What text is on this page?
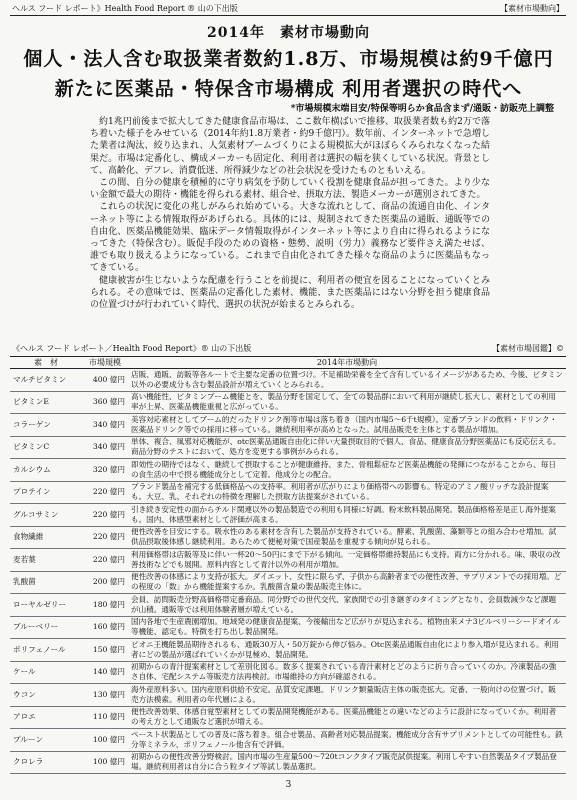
ヘルス フード レポート》Health Food Report ® 山の下出版	【素材市場動向】
2014年　素材市場動向
個人・法人含む取扱業者数約1.8万、市場規模は約9千億円
新たに医薬品・特保含市場構成 利用者選択の時代へ
*市場規模末端目安/特保等明らか食品含まず/通販・訪販売上調整

約1兆円前後まで拡大してきた健康食品市場は、ここ数年横ばいで推移、取扱業者数も約2万で落ち着いた様子をみせている（2014年約1.8万業者・約9千億円）。数年前、インターネットで急増した業者は淘汰、絞り込まれ、人気素材ブームづくりによる規模拡大がほぼらくみられなくなった結果だ。市場は定番化し、構成メーカーも固定化、利用者は選択の幅を狭くしている状況。背景として、高齢化、デフレ、消費低迷、所得減少などの社会状況を受けたものともいえる。

この間、自分の健康を積極的に守り病気を予防していく役割を健康食品が担ってきた。より少ない金額で最大の期待・機能を得られる素材、組合せ、摂取方法、製造メーカーが選別されてきた。

これらの状況に変化の兆しがみられ始めている。大きな流れとして、商品の流通自由化、インターネット等による情報取得があげられる。具体的には、規制されてきた医薬品の通販、通販等での自由化、医薬品機能効果、臨床データ情報取得がインターネット等により自由に得られるようになってきた（特保含む）。販促手段のための資格・態勢、説明（労力）義務など要件さえ満たせば、誰でも取り扱えるようになっている。これまで自由化されてきた様々な商品のように医薬品もなってきている。

健康被害が生じないような配慮を行うことを前提に、利用者の便宜を図ることになっていくとみられる。その意味では、医薬品の定番化した素材、機能、また医薬品にはない分野を担う健康食品の位置づけが行われていく時代、選択の状況が始まるとみられる。

《ヘルス フード レポート／Health Food Report》® 山の下出版	【素材市場図鑑】©
素　材	市場規模	2014年市場動向
マルチビタミン	400 億円	店販、通販、訪販等各ルートで主要な定番の位置づけ。不足補助栄養を全て含有しているイメージがあるため、今後、ビタミン以外の必要成分も含む製品設計が増えていくとみられる。
ビタミンE	360 億円	高い機能性、ビタミンブーム機能とを、製品分野を国定して、全ての製品群において利用が継続し拡大し、素材としての利用率が上昇、医薬品機能重視と広がっている。
コラーゲン	340 億円	美容対応素材としてブーム的だったドリンク剤等市場は落ち着き（国内市場5〜6千t規模）。定番ブランドの飲料・ドリンク・医薬品ドリンク等での採用に移っている。継続利用率が高めとなった。試用品販売を主体とする製品が増加。
ビタミンC	340 億円	単体、複合、風邪対応機能が、otc医薬品通販自由化に伴い大量摂取目的で個人、食品、健康食品分野医薬品にも反応伝える。商品分野のテストにおいて、処方を変更する事例がみられる。
カルシウム	320 億円	即効性の期待ではなく、継続して摂取することが健康維持、また、骨粗鬆症など医薬品機能の発揮につながることから、毎日の食生活の中で摂る機能成分として定着。他成分との配合。
プロテイン	220 億円	ブランド製品を補完する低価格品への支持率。利用者が広がりにより価格帯への影響も。特定のアミノ酸リッチな設計提案も。大豆、乳、それぞれの特徴を理解した摂取方法提案がされている。
グルコサミン	220 億円	引き続き安定性の面からチルド関連以外の製品製造での利用も同様に好調。粉末飲料製品開発。製品価格格差是正し海外提案も。国内、体感型素材として評価が高まる。
食物繊維	220 億円	便性改善を目安にする。吸水性のある素材を含有した製品が支持されている。酵素、乳酸菌、藻類等との組み合わせ増加。試供品摂取後体感し継続利用。あらためて便秘対策で国産製品を重視する傾向が見られる。
麦若葉	220 億円	利用価格帯は店販等及に伴い一杯20〜50円にまで下がる傾向。一定価格帯維持製品にも支持。両方に分かれる。味、吸収の改善技術などでも展開。原料内容として青汁以外の利用が増加。
乳酸菌	200 億円	便性改善の体感により支持が拡大。ダイエット、女性に限らず、子供から高齢者までの便性改善、サプリメントでの採用増。どの程度の「数」から機能提案するか。乳酸菌含量の製品販売主体に。
ローヤルゼリー	180 億円	会員、訪問販売分野高価格帯定番商品。同分野での世代交代、家族間での引き継ぎのタイミングとなり、会員数減少など課題が山積。通販等では利用体験者層が増えている。
ブルーベリー	160 億円	国内各地で生産農園増加。地域発の健康食品提案、今後輸出など広がりが見込まれる。植物由来メナ3ビルベリーシードオイル等機能、認定も。特徴を打ち出し製品開発。
ポリフェノール	150 億円	ピオニ王機能製品期待されるも、通販30万人・50万錠から伸び悩み。Otc医薬品通販自由化により参入増が見込まれる。利用者にどの製品が選ばれていくかが見極め、製品開発。
ケール	140 億円	初期からの青汁提案素材として差別化図る。数多く提案されている青汁素材とどのように折り合っていくのか。冷凍製品の強さ自体、宅配システム等販売方法再検討。市場維持の方向が確認される。
ウコン	130 億円	海外産原料多い。国内産原料供給不安定。品質安定課題。ドリンク類量販店主体の販売拡大。定番、一般向けの位置づけ。販売方法模索。利用者の年代層による。
アロエ	110 億円	便性改善効果、体感自覚型素材としての製品開発機能がある。医薬品機能との違いなどのように設計になっていくか。利用者の考え方として通販など選択が増える。
プルーン	100 億円	ペースト状製品としての普及に落ち着き。組合せ製品、高齢者対応製品提案。機能成分含有サプリメントとしての可能性も。鉄分等ミネラル、ポリフェノール他含有で評価。
クロレラ	100 億円	初期からの便性改善分野検討。国内市場の生産量500〜720tコンクタイプ販売試供提案。利用しやすい自然製品タイプ製品登場。継続利用者は自分に合う粒タイプ等試し製品選択。
3
